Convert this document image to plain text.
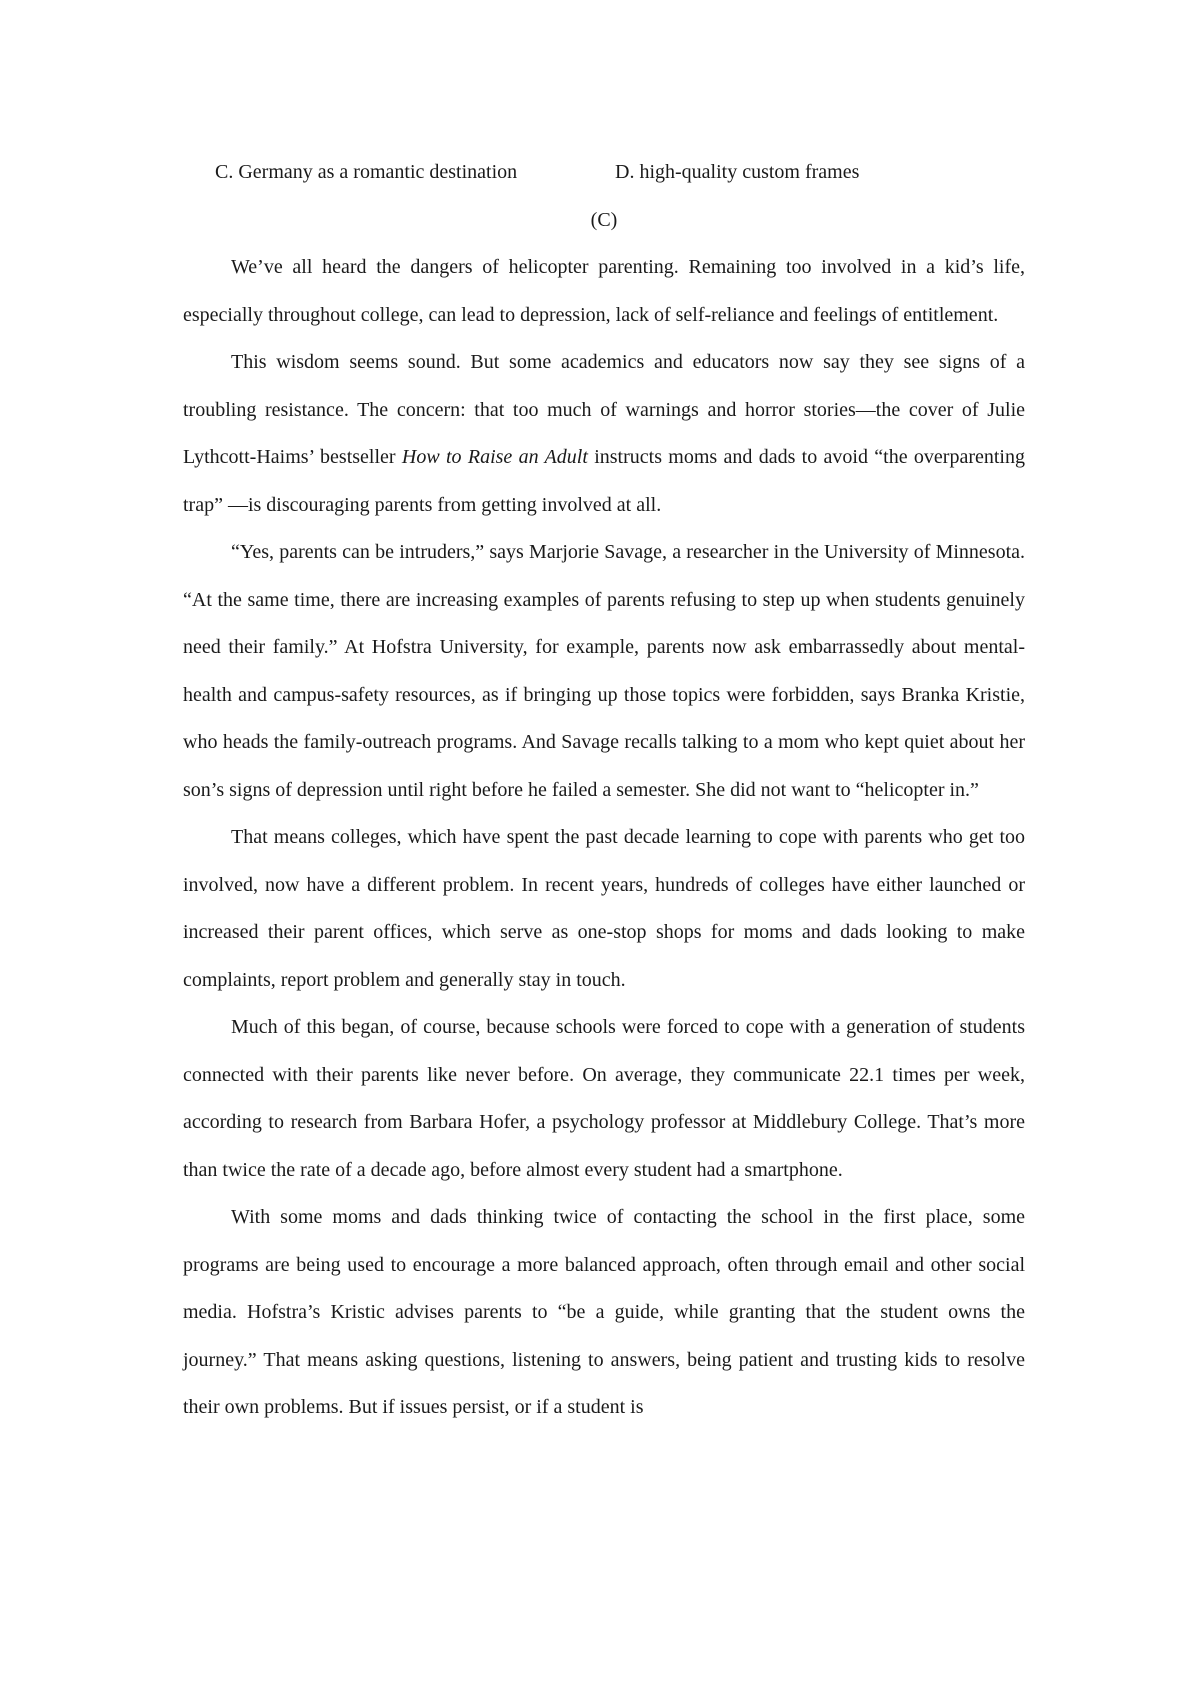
C. Germany as a romantic destination	D. high-quality custom frames
(C)

We’ve all heard the dangers of helicopter parenting. Remaining too involved in a kid’s life, especially throughout college, can lead to depression, lack of self-reliance and feelings of entitlement.

This wisdom seems sound. But some academics and educators now say they see signs of a troubling resistance. The concern: that too much of warnings and horror stories—the cover of Julie Lythcott-Haims’ bestseller How to Raise an Adult instructs moms and dads to avoid “the overparenting trap” —is discouraging parents from getting involved at all.

“Yes, parents can be intruders,” says Marjorie Savage, a researcher in the University of Minnesota. “At the same time, there are increasing examples of parents refusing to step up when students genuinely need their family.” At Hofstra University, for example, parents now ask embarrassedly about mental-health and campus-safety resources, as if bringing up those topics were forbidden, says Branka Kristie, who heads the family-outreach programs. And Savage recalls talking to a mom who kept quiet about her son’s signs of depression until right before he failed a semester. She did not want to “helicopter in.”

That means colleges, which have spent the past decade learning to cope with parents who get too involved, now have a different problem. In recent years, hundreds of colleges have either launched or increased their parent offices, which serve as one-stop shops for moms and dads looking to make complaints, report problem and generally stay in touch.

Much of this began, of course, because schools were forced to cope with a generation of students connected with their parents like never before. On average, they communicate 22.1 times per week, according to research from Barbara Hofer, a psychology professor at Middlebury College. That’s more than twice the rate of a decade ago, before almost every student had a smartphone.

With some moms and dads thinking twice of contacting the school in the first place, some programs are being used to encourage a more balanced approach, often through email and other social media. Hofstra’s Kristic advises parents to “be a guide, while granting that the student owns the journey.” That means asking questions, listening to answers, being patient and trusting kids to resolve their own problems. But if issues persist, or if a student is
